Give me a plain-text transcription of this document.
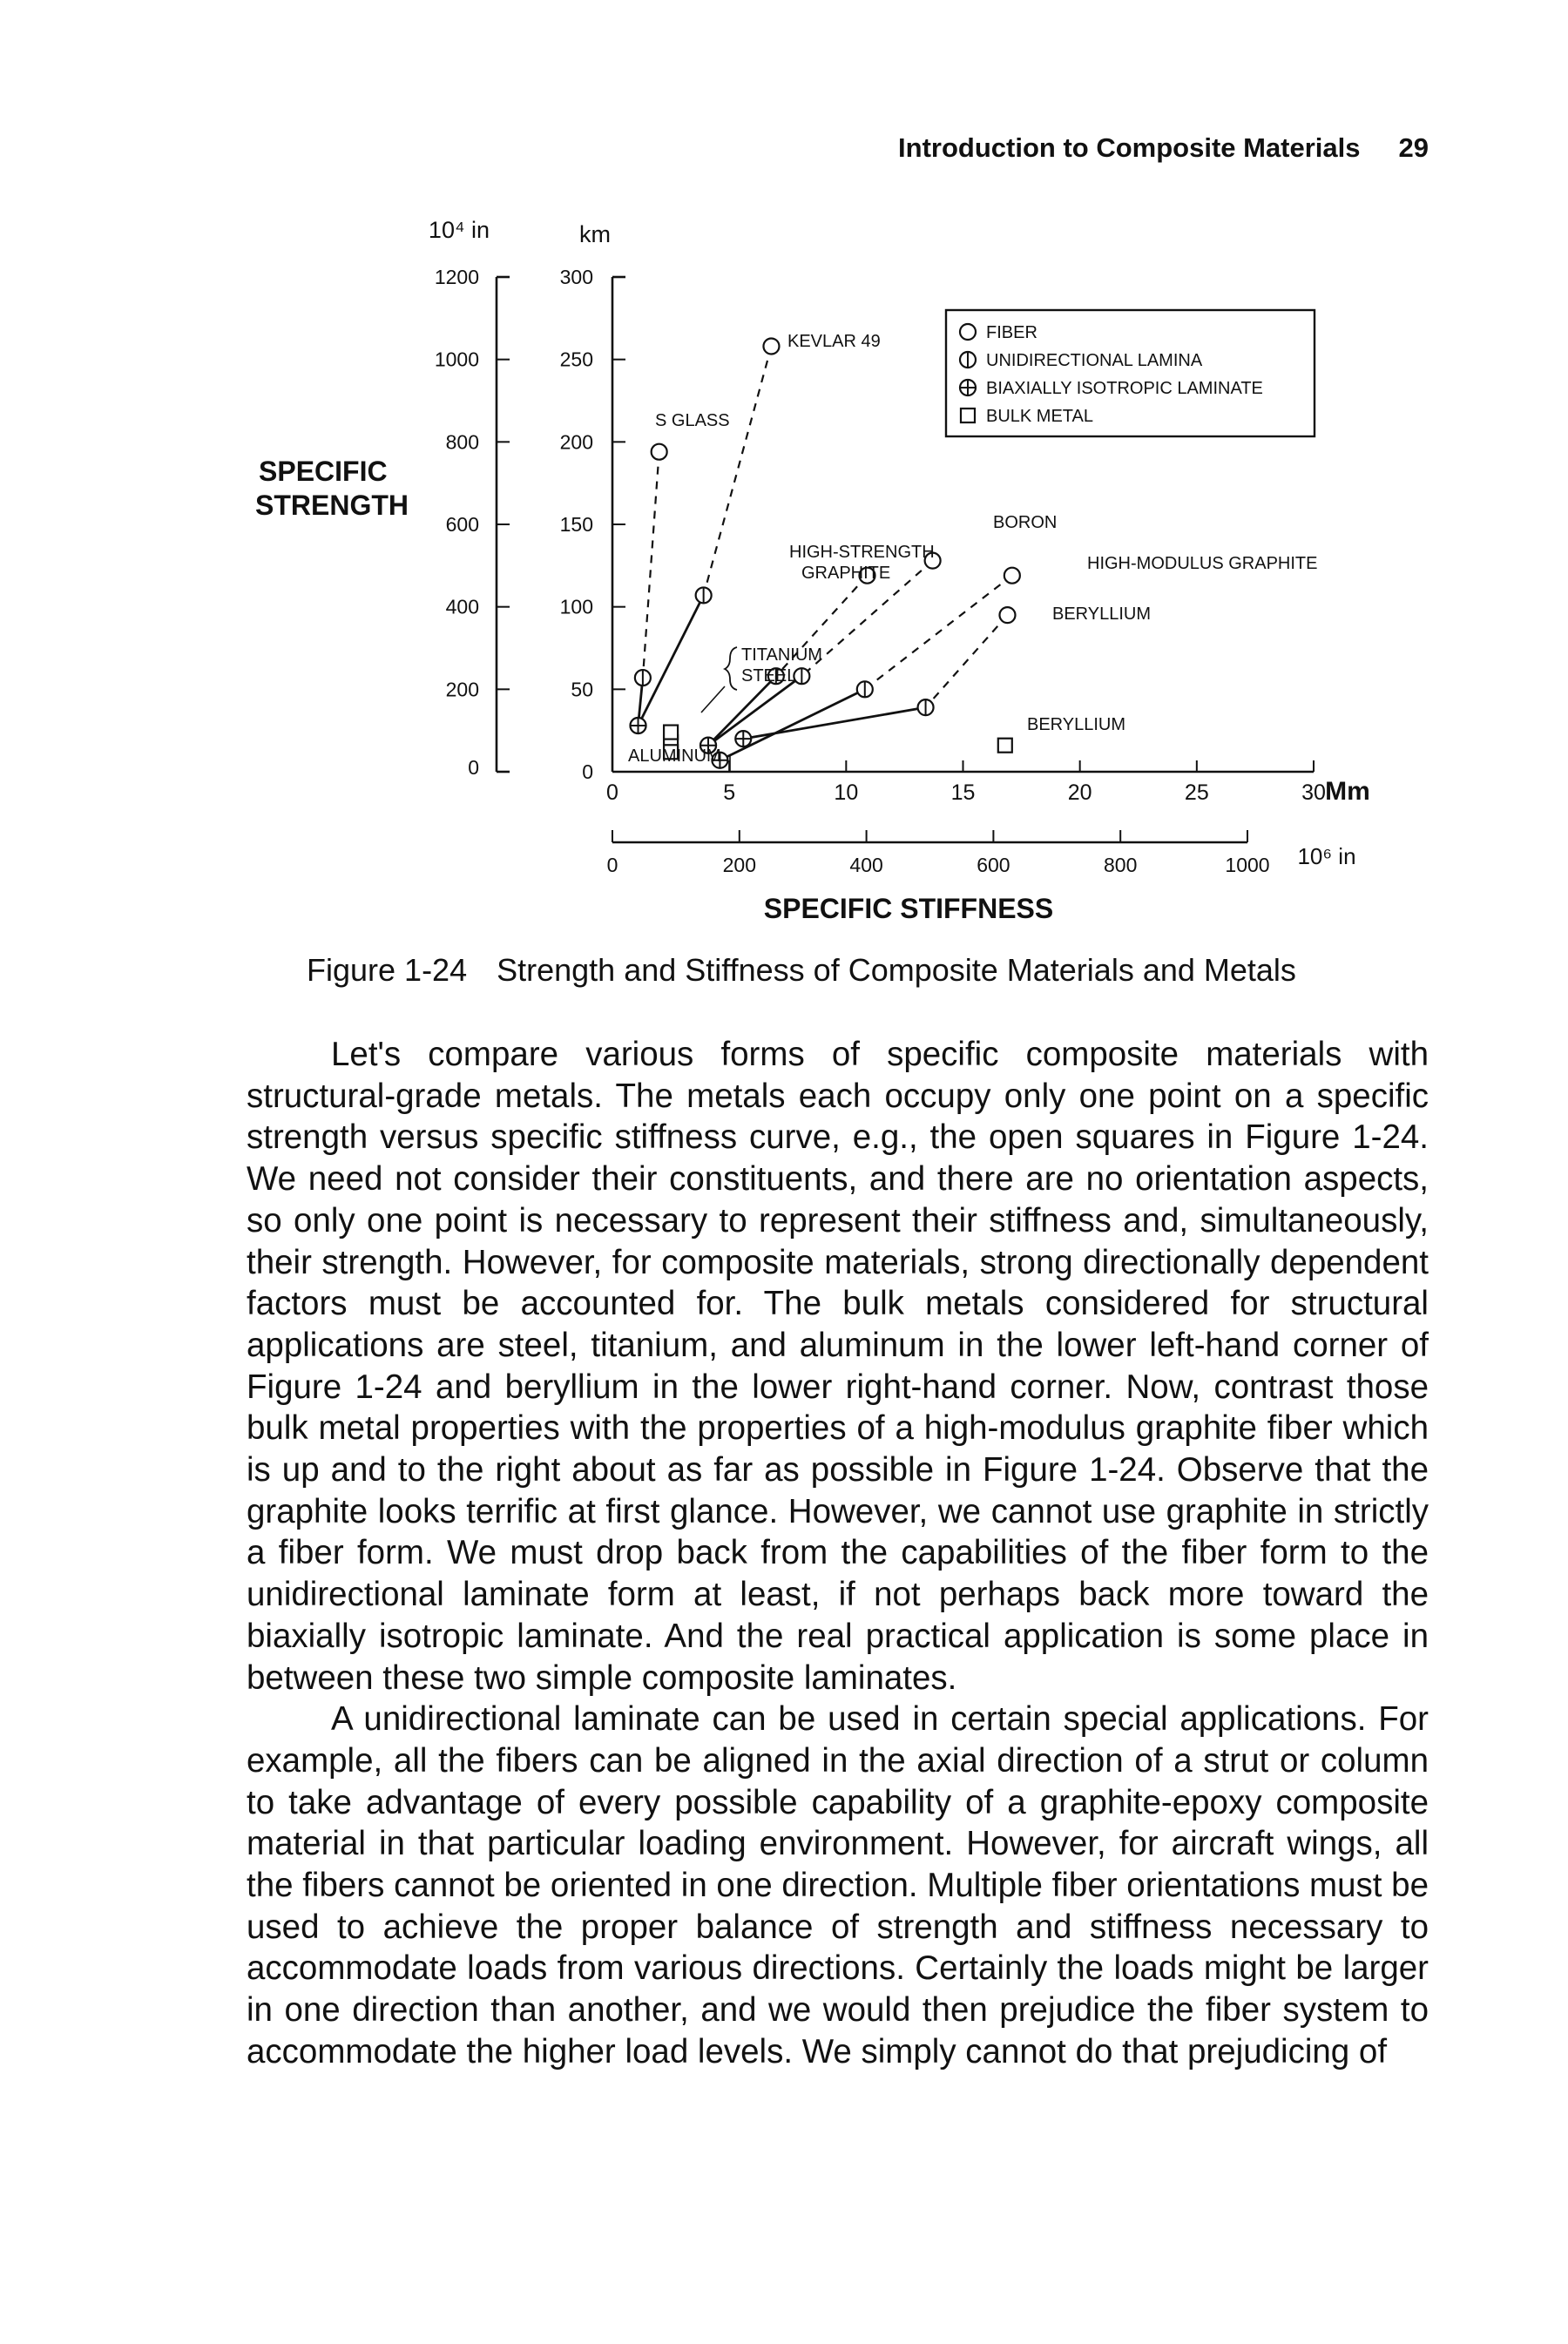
Introduction to Composite Materials 29
SPECIFIC
STRENGTH
SPECIFIC STIFFNESS
10⁴ in	km
Mm
10⁶ in
0	5	10	15	20	25	30
0	200	400	600	800	1000
0
50
100
150
200
250
300
0
200
400
600
800
1000
1200
FIBER
UNIDIRECTIONAL LAMINA
BIAXIALLY ISOTROPIC LAMINATE
BULK METAL
KEVLAR 49
S GLASS
HIGH-STRENGTH
GRAPHITE
BORON
HIGH-MODULUS GRAPHITE
BERYLLIUM
BERYLLIUM
TITANIUM
STEEL
ALUMINUM
Figure 1-24 Strength and Stiffness of Composite Materials and Metals

Let's compare various forms of specific composite materials with structural-grade metals. The metals each occupy only one point on a specific strength versus specific stiffness curve, e.g., the open squares in Figure 1-24. We need not consider their constituents, and there are no orientation aspects, so only one point is necessary to represent their stiffness and, simultaneously, their strength. However, for composite materials, strong directionally dependent factors must be accounted for. The bulk metals considered for structural applications are steel, titanium, and aluminum in the lower left-hand corner of Figure 1-24 and beryllium in the lower right-hand corner. Now, contrast those bulk metal properties with the properties of a high-modulus graphite fiber which is up and to the right about as far as possible in Figure 1-24. Observe that the graphite looks terrific at first glance. However, we cannot use graphite in strictly a fiber form. We must drop back from the capabilities of the fiber form to the unidirectional laminate form at least, if not perhaps back more toward the biaxially isotropic laminate. And the real practical application is some place in between these two simple composite laminates.

A unidirectional laminate can be used in certain special applications. For example, all the fibers can be aligned in the axial direction of a strut or column to take advantage of every possible capability of a graphite-epoxy composite material in that particular loading environment. However, for aircraft wings, all the fibers cannot be oriented in one direction. Multiple fiber orientations must be used to achieve the proper balance of strength and stiffness necessary to accommodate loads from various directions. Certainly the loads might be larger in one direction than another, and we would then prejudice the fiber system to accommodate the higher load levels. We simply cannot do that prejudicing of
